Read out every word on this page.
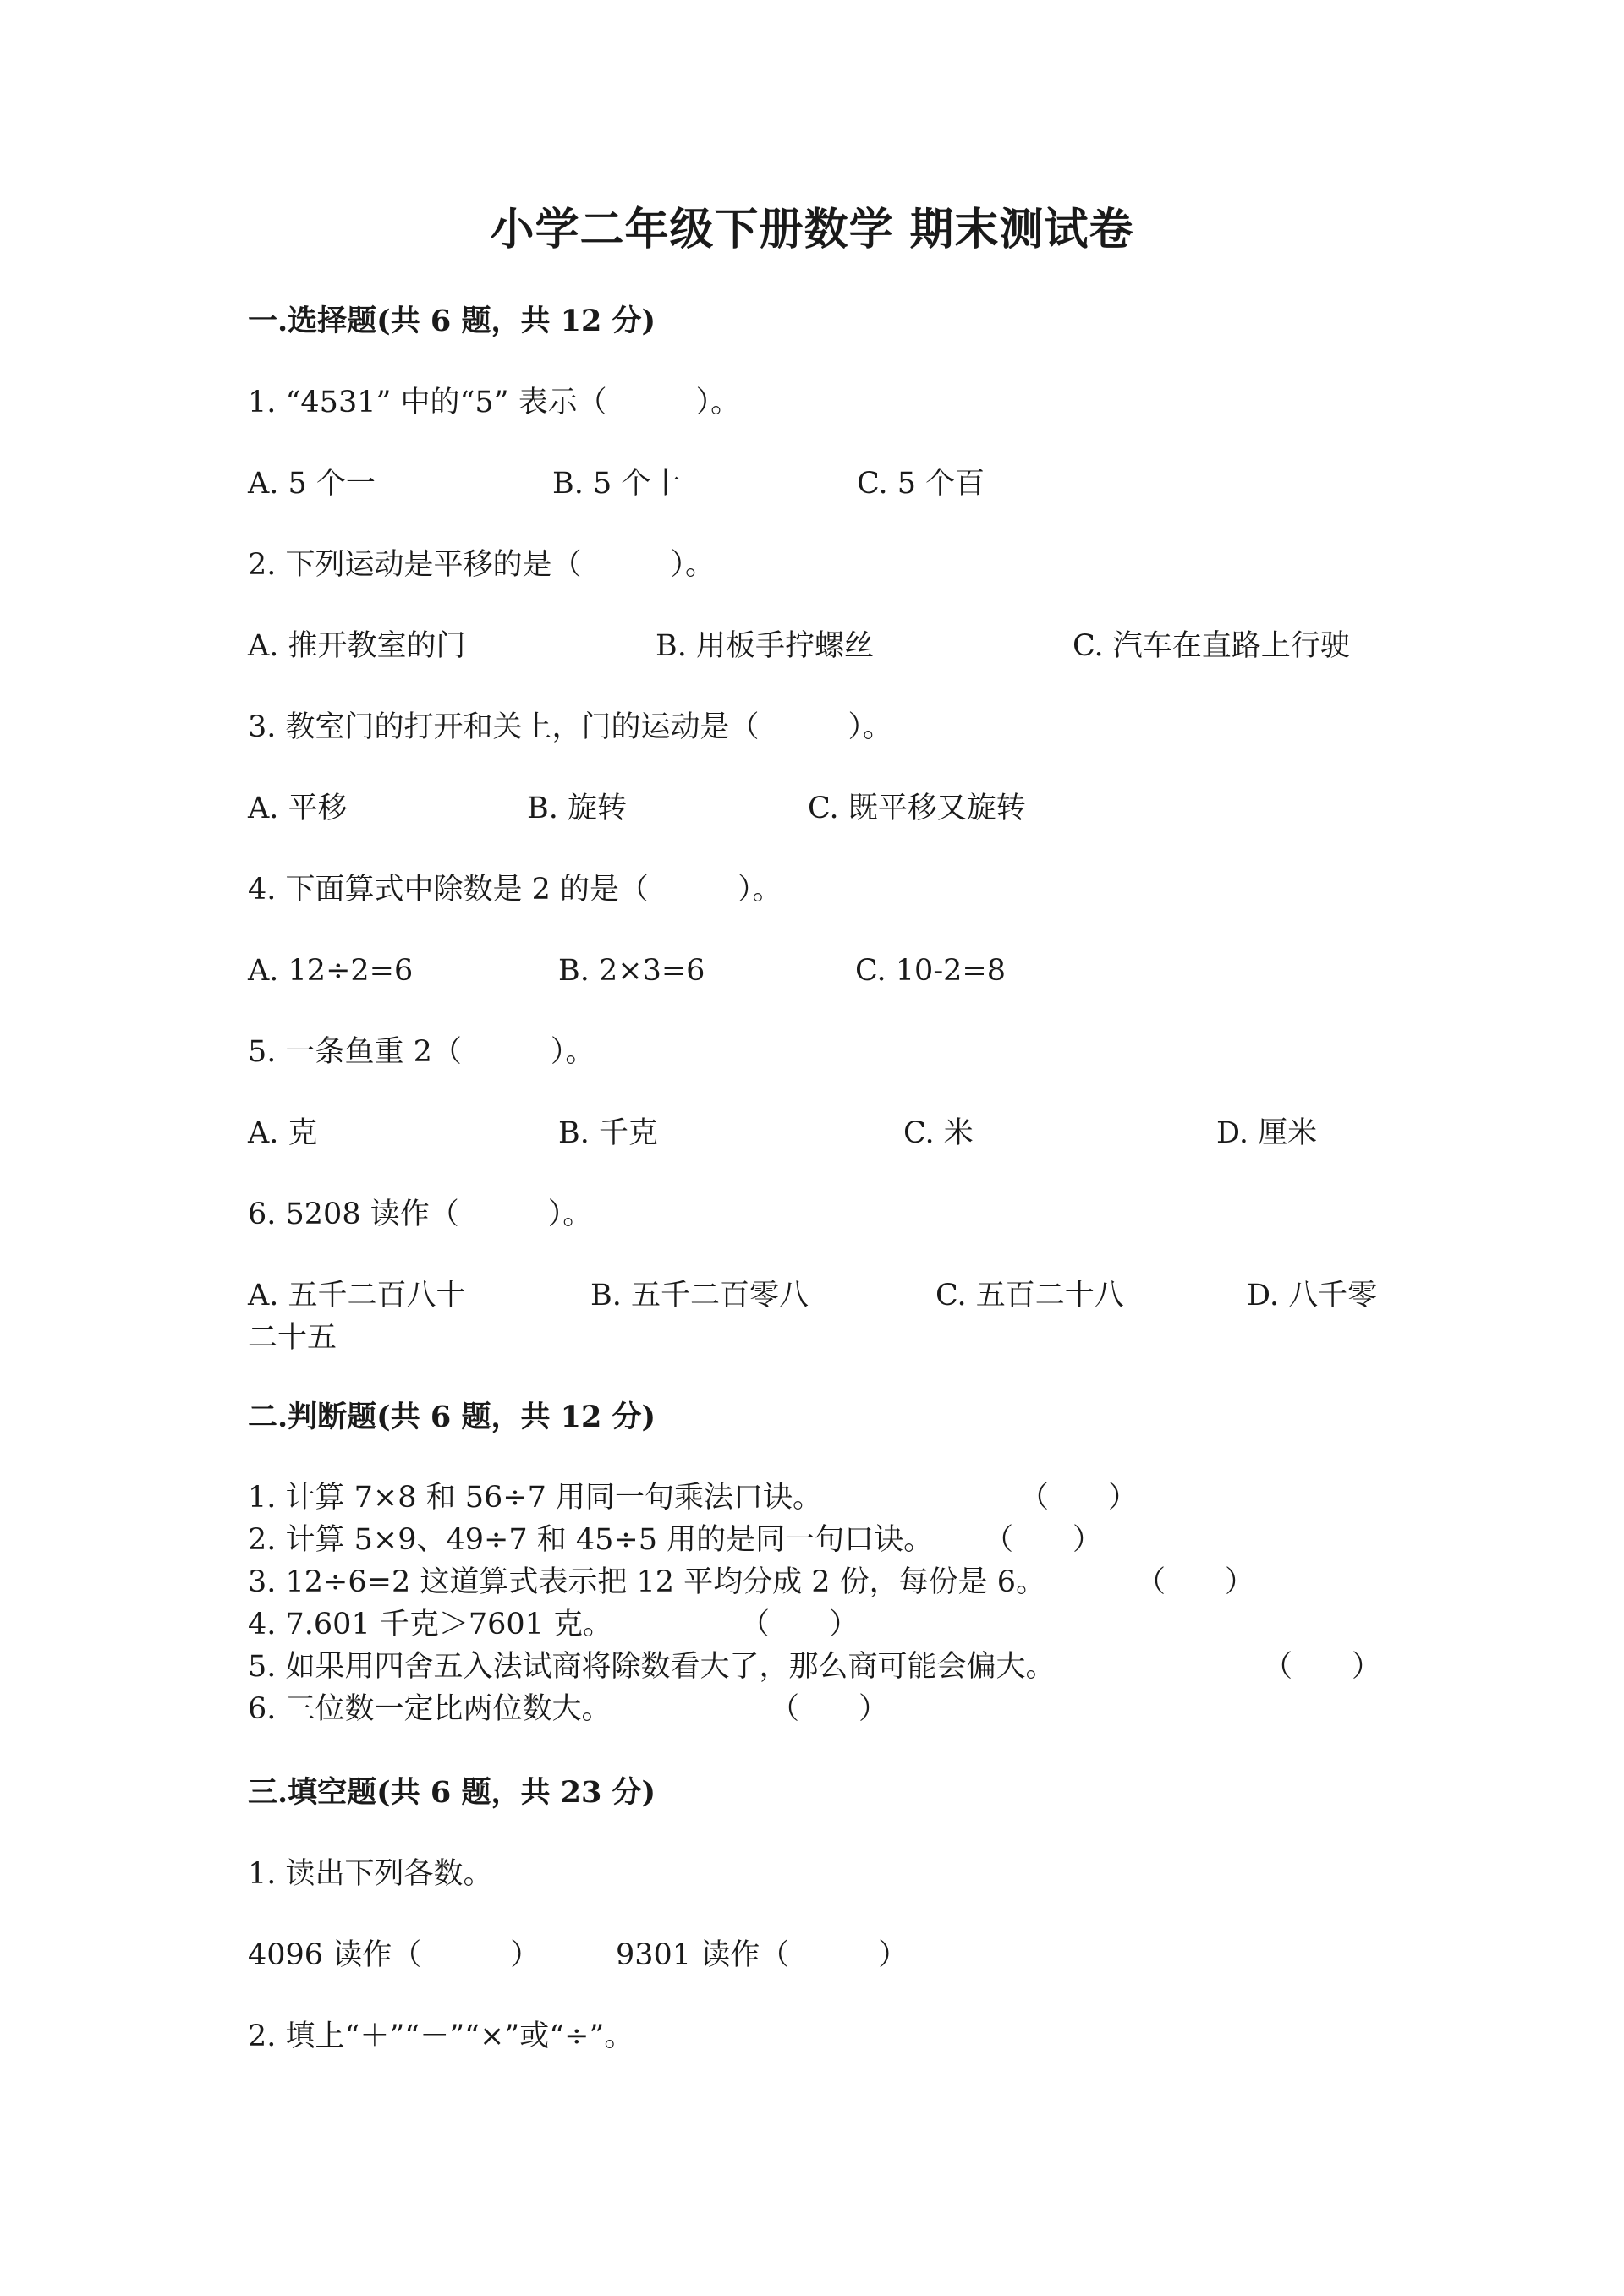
小学二年级下册数学 期末测试卷
一.选择题(共 6 题，共 12 分)
1. “4531” 中的“5” 表示（　　　）。
A. 5 个一	B. 5 个十	C. 5 个百
2. 下列运动是平移的是（　　　）。
A. 推开教室的门	B. 用板手拧螺丝	C. 汽车在直路上行驶
3. 教室门的打开和关上，门的运动是（　　　）。
A. 平移	B. 旋转	C. 既平移又旋转
4. 下面算式中除数是 2 的是（　　　）。
A. 12÷2=6	B. 2×3=6	C. 10-2=8
5. 一条鱼重 2（　　　）。
A. 克	B. 千克	C. 米	D. 厘米
6. 5208 读作（　　　）。
A. 五千二百八十	B. 五千二百零八	C. 五百二十八	D. 八千零
二十五
二.判断题(共 6 题，共 12 分)
1. 计算 7×8 和 56÷7 用同一句乘法口诀。	（　　）
2. 计算 5×9、49÷7 和 45÷5 用的是同一句口诀。 （　　）
3. 12÷6=2 这道算式表示把 12 平均分成 2 份，每份是 6。	（　　）
4. 7.601 千克＞7601 克。	（　　）
5. 如果用四舍五入法试商将除数看大了，那么商可能会偏大。	（　　）
6. 三位数一定比两位数大。	（　　）
三.填空题(共 6 题，共 23 分)
1. 读出下列各数。
4096 读作（　　　）	9301 读作（　　　）
2. 填上“＋”“－”“×”或“÷”。
